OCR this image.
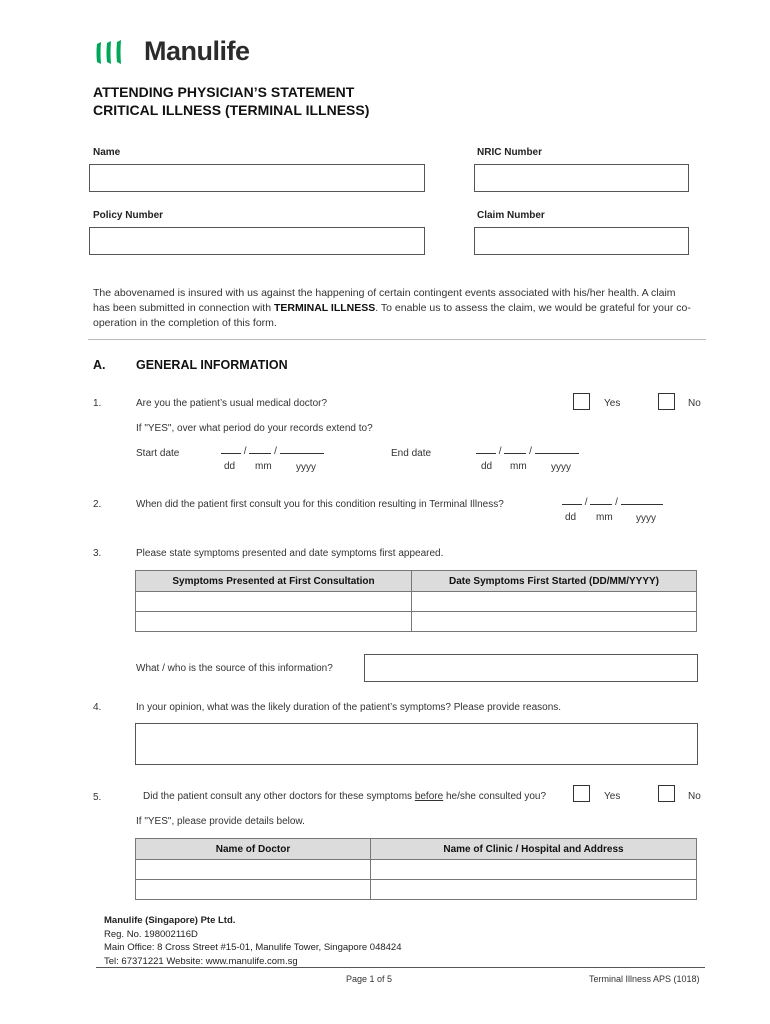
Manulife
ATTENDING PHYSICIAN’S STATEMENT
CRITICAL ILLNESS (TERMINAL ILLNESS)
Name	NRIC Number
Policy Number	Claim Number
The abovenamed is insured with us against the happening of certain contingent events associated with his/her health. A claim has been submitted in connection with TERMINAL ILLNESS. To enable us to assess the claim, we would be grateful for your co-operation in the completion of this form.
A. GENERAL INFORMATION
1.	Are you the patient’s usual medical doctor?	Yes	No
If "YES", over what period do your records extend to?
Start date	/	/
dd mm yyyy
End date	/	/
dd mm yyyy
2.	When did the patient first consult you for this condition resulting in Terminal Illness?	/	/
dd mm yyyy
3.	Please state symptoms presented and date symptoms first appeared.
Symptoms Presented at First Consultation	Date Symptoms First Started (DD/MM/YYYY)

What / who is the source of this information?
4.	In your opinion, what was the likely duration of the patient’s symptoms? Please provide reasons.
5.	Did the patient consult any other doctors for these symptoms before he/she consulted you?	Yes	No
If "YES", please provide details below.
Name of Doctor	Name of Clinic / Hospital and Address

Manulife (Singapore) Pte Ltd.
Reg. No. 198002116D
Main Office: 8 Cross Street #15-01, Manulife Tower, Singapore 048424
Tel: 67371221 Website: www.manulife.com.sg
Page 1 of 5	Terminal Illness APS (1018)
